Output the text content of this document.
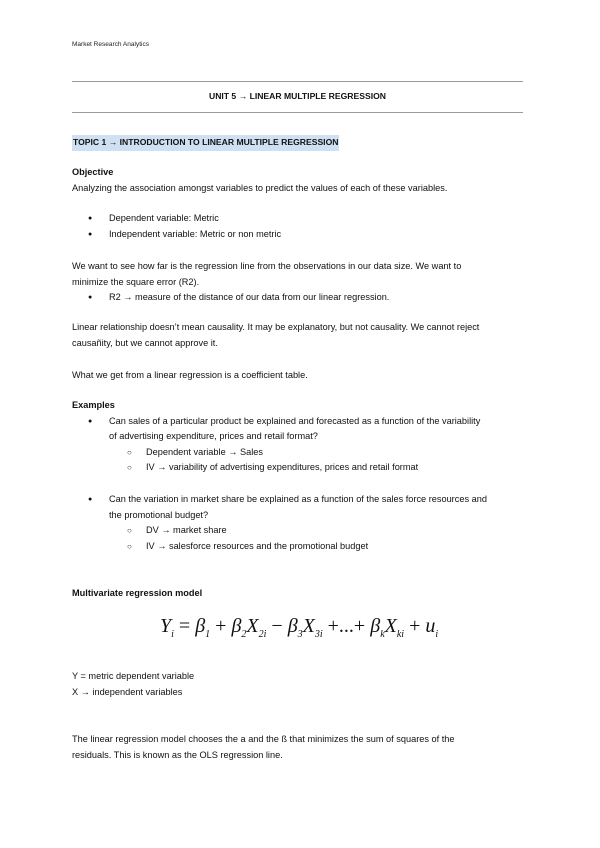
Market Research Analytics
UNIT 5 → LINEAR MULTIPLE REGRESSION
TOPIC 1 → INTRODUCTION TO LINEAR MULTIPLE REGRESSION
Objective
Analyzing the association amongst variables to predict the values of each of these variables.
● Dependent variable: Metric
● Independent variable: Metric or non metric
We want to see how far is the regression line from the observations in our data size. We want to
minimize the square error (R2).
● R2 → measure of the distance of our data from our linear regression.
Linear relationship doesn’t mean causality. It may be explanatory, but not causality. We cannot reject
causañity, but we cannot approve it.
What we get from a linear regression is a coefficient table.
Examples
● Can sales of a particular product be explained and forecasted as a function of the variability
of advertising expenditure, prices and retail format?
○ Dependent variable → Sales
○ IV → variability of advertising expenditures, prices and retail format
● Can the variation in market share be explained as a function of the sales force resources and
the promotional budget?
○ DV → market share
○ IV → salesforce resources and the promotional budget
Multivariate regression model
$Y_i = \beta_1 + \beta_2X_{2i} - \beta_3X_{3i}$ +...+ $\beta_kX_{ki} + u_i$
Y = metric dependent variable
X → independent variables
The linear regression model chooses the a and the ß that minimizes the sum of squares of the
residuals. This is known as the OLS regression line.
